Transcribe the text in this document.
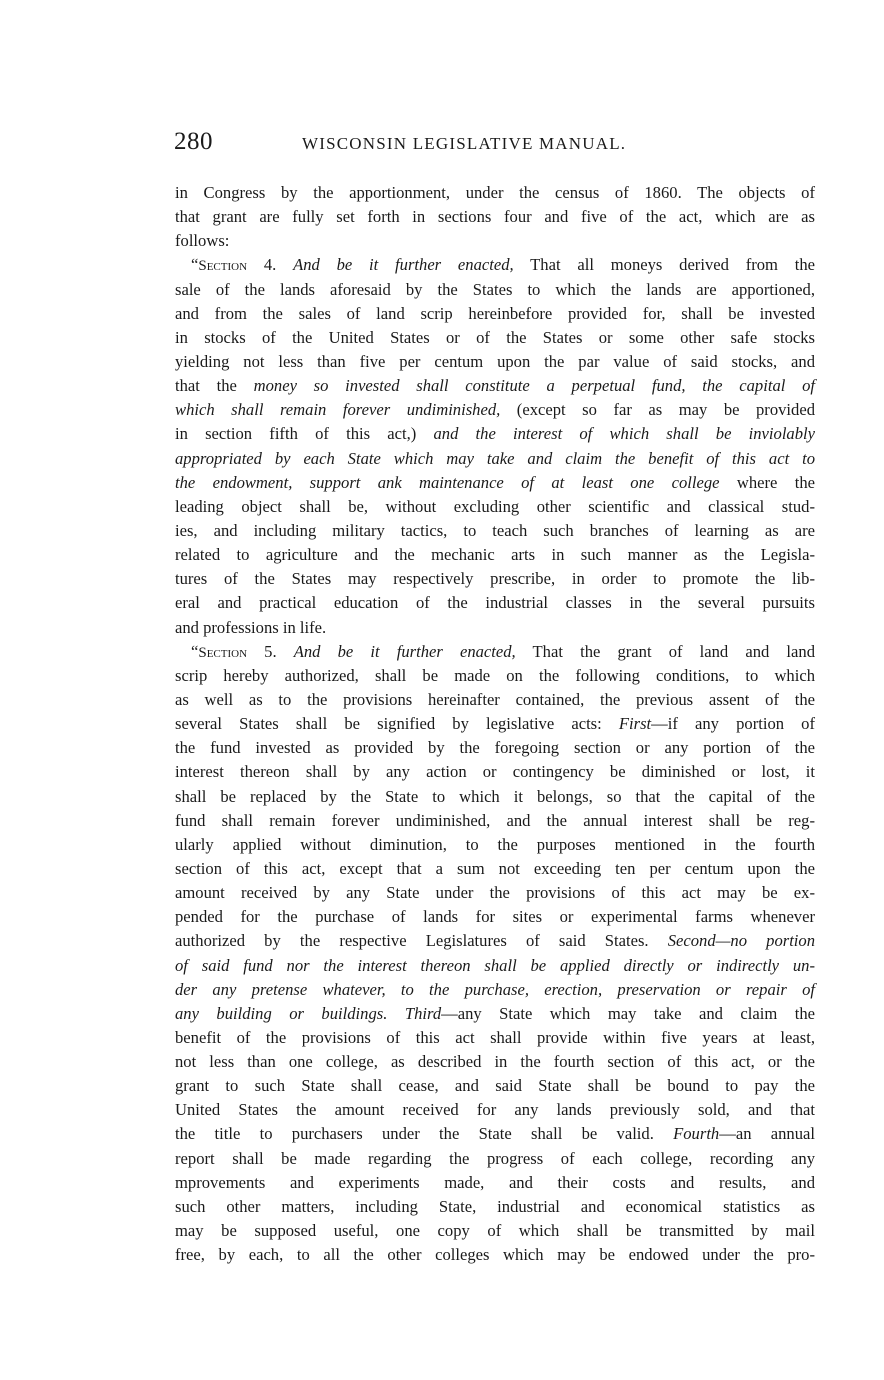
280	WISCONSIN LEGISLATIVE MANUAL.
in Congress by the apportionment, under the census of 1860. The objects of
that grant are fully set forth in sections four and five of the act, which are as
follows:
“Section 4. And be it further enacted, That all moneys derived from the
sale of the lands aforesaid by the States to which the lands are apportioned,
and from the sales of land scrip hereinbefore provided for, shall be invested
in stocks of the United States or of the States or some other safe stocks
yielding not less than five per centum upon the par value of said stocks, and
that the money so invested shall constitute a perpetual fund, the capital of
which shall remain forever undiminished, (except so far as may be provided
in section fifth of this act,) and the interest of which shall be inviolably
appropriated by each State which may take and claim the benefit of this act to
the endowment, support ank maintenance of at least one college where the
leading object shall be, without excluding other scientific and classical stud-
ies, and including military tactics, to teach such branches of learning as are
related to agriculture and the mechanic arts in such manner as the Legisla-
tures of the States may respectively prescribe, in order to promote the lib-
eral and practical education of the industrial classes in the several pursuits
and professions in life.
“Section 5. And be it further enacted, That the grant of land and land
scrip hereby authorized, shall be made on the following conditions, to which
as well as to the provisions hereinafter contained, the previous assent of the
several States shall be signified by legislative acts: First—if any portion of
the fund invested as provided by the foregoing section or any portion of the
interest thereon shall by any action or contingency be diminished or lost, it
shall be replaced by the State to which it belongs, so that the capital of the
fund shall remain forever undiminished, and the annual interest shall be reg-
ularly applied without diminution, to the purposes mentioned in the fourth
section of this act, except that a sum not exceeding ten per centum upon the
amount received by any State under the provisions of this act may be ex-
pended for the purchase of lands for sites or experimental farms whenever
authorized by the respective Legislatures of said States. Second—no portion
of said fund nor the interest thereon shall be applied directly or indirectly un-
der any pretense whatever, to the purchase, erection, preservation or repair of
any building or buildings. Third—any State which may take and claim the
benefit of the provisions of this act shall provide within five years at least,
not less than one college, as described in the fourth section of this act, or the
grant to such State shall cease, and said State shall be bound to pay the
United States the amount received for any lands previously sold, and that
the title to purchasers under the State shall be valid. Fourth—an annual
report shall be made regarding the progress of each college, recording any
mprovements and experiments made, and their costs and results, and
such other matters, including State, industrial and economical statistics as
may be supposed useful, one copy of which shall be transmitted by mail
free, by each, to all the other colleges which may be endowed under the pro-
